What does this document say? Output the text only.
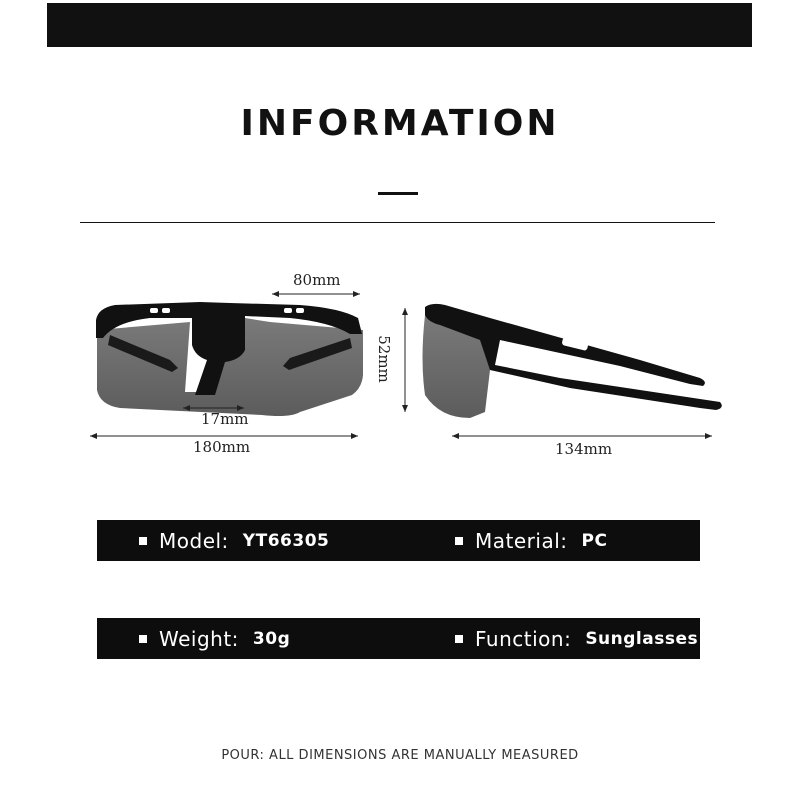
INFORMATION
80mm
17mm
180mm
52mm
134mm
Model: YT66305	Material: PC
Weight: 30g	Function: Sunglasses
POUR: ALL DIMENSIONS ARE MANUALLY MEASURED
